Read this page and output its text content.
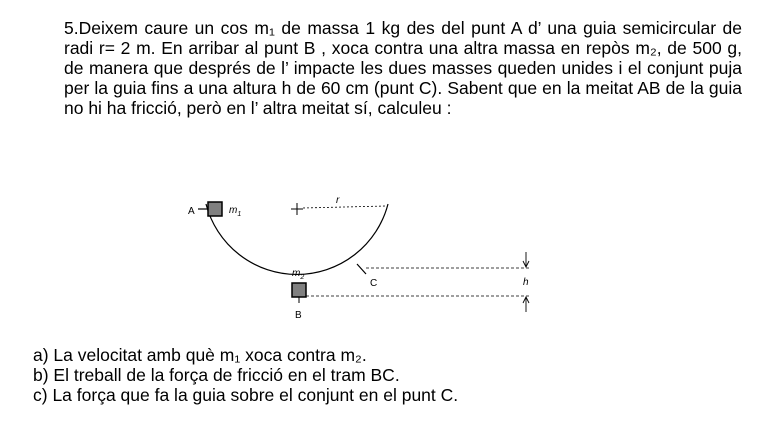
5.Deixem caure un cos m₁ de massa 1 kg des del punt A d’ una guia semicircular de radi r= 2 m. En arribar al punt B , xoca contra una altra massa en repòs m₂, de 500 g, de manera que després de l’ impacte les dues masses queden unides i el conjunt puja per la guia fins a una altura h de 60 cm (punt C). Sabent que en la meitat AB de la guia no hi ha fricció, però en l’ altra meitat sí, calculeu :

A	$m_1$
r
$m_2$
C	h
B
a) La velocitat amb què m₁ xoca contra m₂.
b) El treball de la força de fricció en el tram BC.
c) La força que fa la guia sobre el conjunt en el punt C.
